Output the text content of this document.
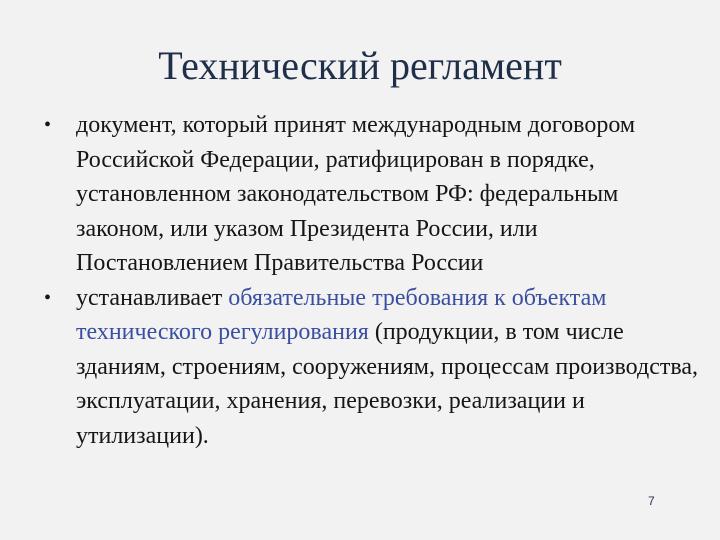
Технический регламент
• документ, который принят международным договором Российской Федерации, ратифицирован в порядке, установленном законодательством РФ: федеральным законом, или указом Президента России, или Постановлением Правительства России
• устанавливает обязательные требования к объектам технического регулирования (продукции, в том числе зданиям, строениям, сооружениям, процессам производства, эксплуатации, хранения, перевозки, реализации и утилизации).
7
